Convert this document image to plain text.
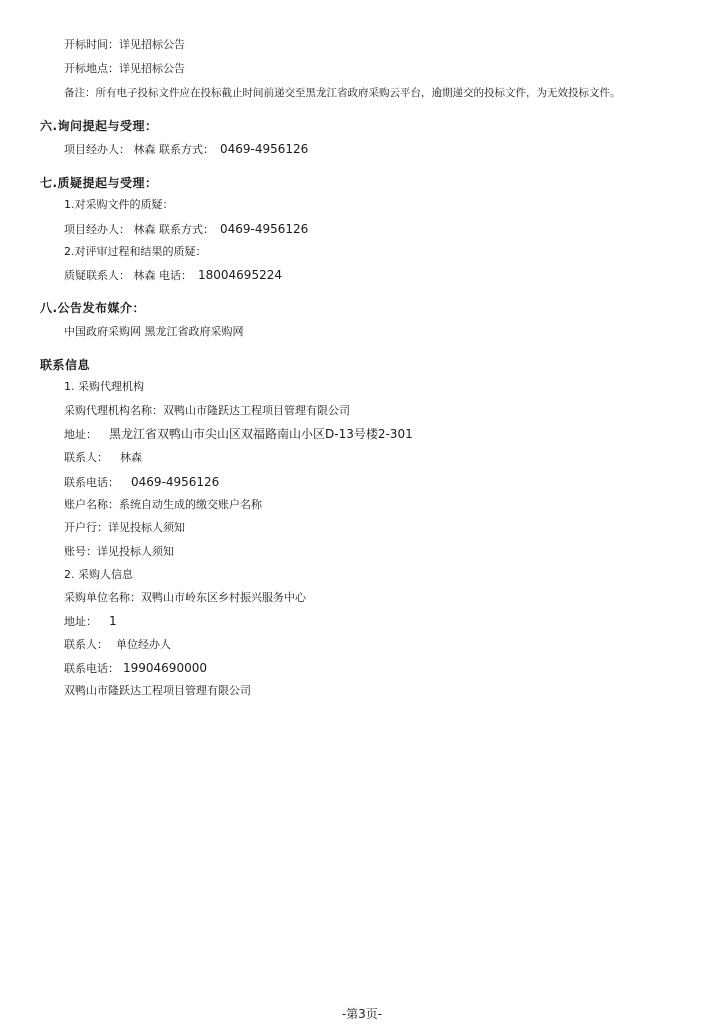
开标时间：详见招标公告
开标地点：详见招标公告
备注：所有电子投标文件应在投标截止时间前递交至黑龙江省政府采购云平台，逾期递交的投标文件，为无效投标文件。
六.询问提起与受理：
项目经办人： 林森 联系方式： 0469-4956126
七.质疑提起与受理：
1.对采购文件的质疑：
项目经办人： 林森 联系方式： 0469-4956126
2.对评审过程和结果的质疑：
质疑联系人： 林森 电话： 18004695224
八.公告发布媒介：
中国政府采购网 黑龙江省政府采购网
联系信息
1. 采购代理机构
采购代理机构名称：双鸭山市隆跃达工程项目管理有限公司
地址： 黑龙江省双鸭山市尖山区双福路南山小区D-13号楼2-301
联系人： 林森
联系电话： 0469-4956126
账户名称：系统自动生成的缴交账户名称
开户行：详见投标人须知
账号：详见投标人须知
2. 采购人信息
采购单位名称：双鸭山市岭东区乡村振兴服务中心
地址： 1
联系人： 单位经办人
联系电话： 19904690000
双鸭山市隆跃达工程项目管理有限公司
-第3页-
